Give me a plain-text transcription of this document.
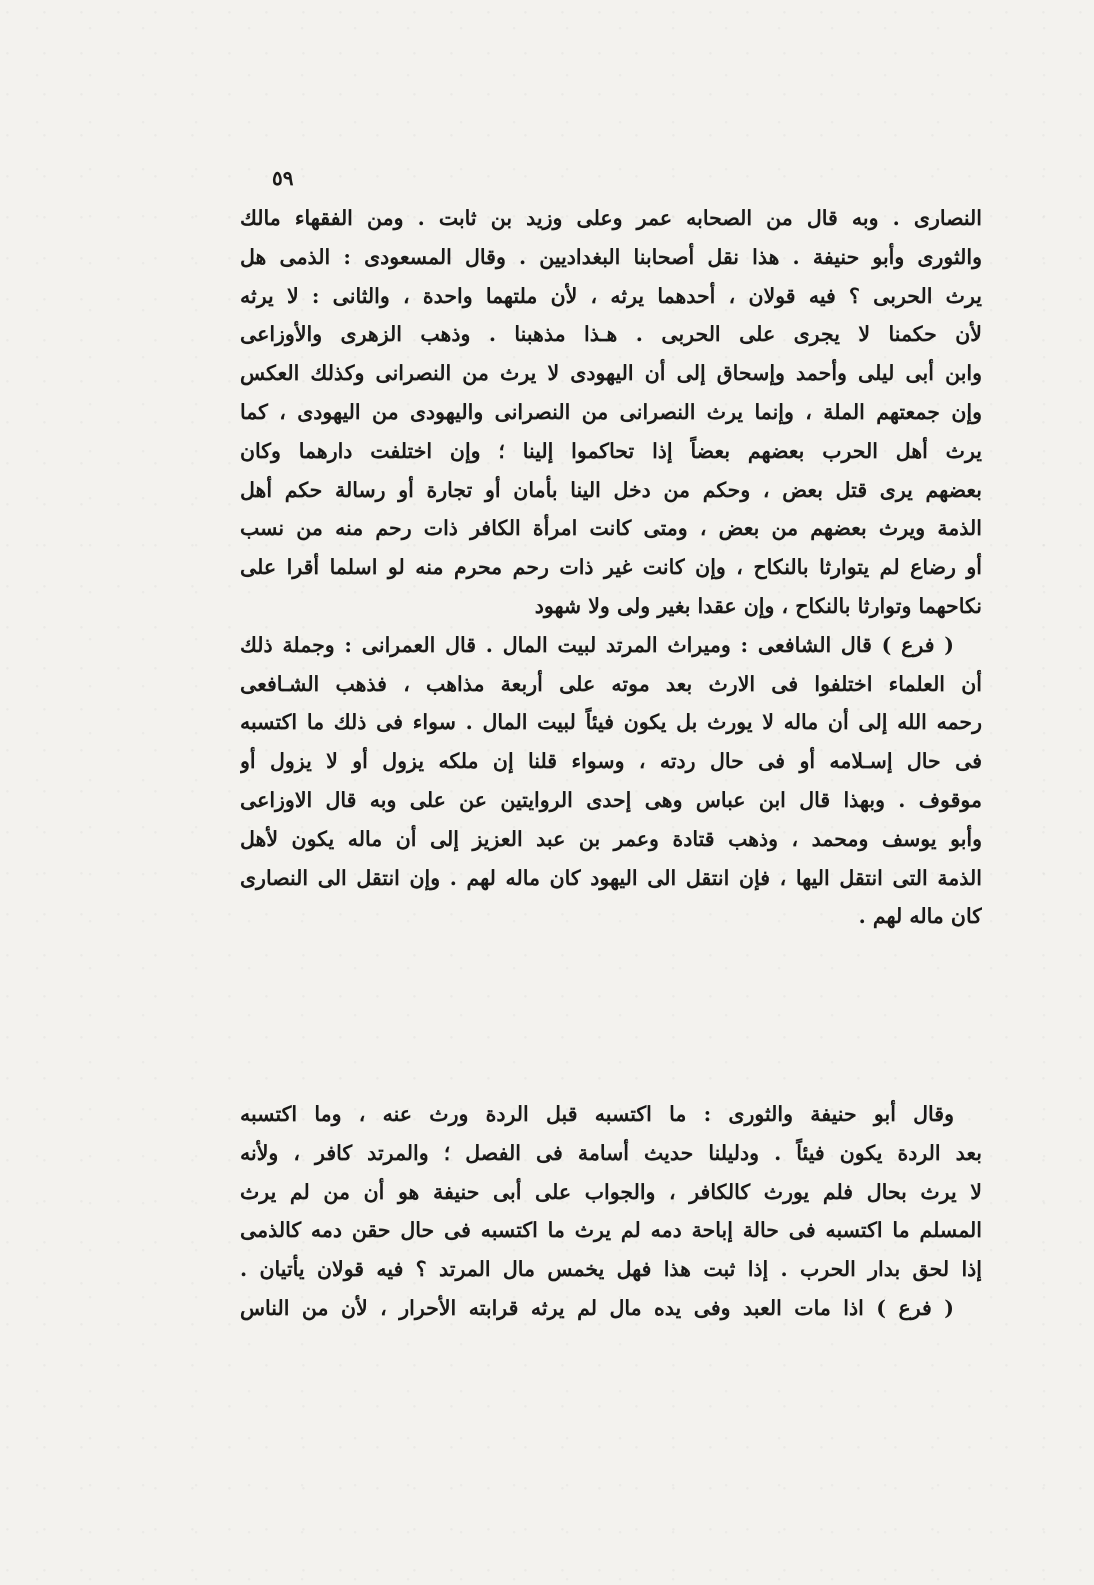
٥٩
النصارى . وبه قال من الصحابه عمر وعلى وزيد بن ثابت . ومن الفقهاء مالك
والثورى وأبو حنيفة . هذا نقل أصحابنا البغداديين . وقال المسعودى : الذمى هل
يرث الحربى ؟ فيه قولان ، أحدهما يرثه ، لأن ملتهما واحدة ، والثانى : لا يرثه
لأن حكمنا لا يجرى على الحربى . هـذا مذهبنا . وذهب الزهرى والأوزاعى
وابن أبى ليلى وأحمد وإسحاق إلى أن اليهودى لا يرث من النصرانى وكذلك العكس
وإن جمعتهم الملة ، وإنما يرث النصرانى من النصرانى واليهودى من اليهودى ، كما
يرث أهل الحرب بعضهم بعضاً إذا تحاكموا إلينا ؛ وإن اختلفت دارهما وكان
بعضهم يرى قتل بعض ، وحكم من دخل الينا بأمان أو تجارة أو رسالة حكم أهل
الذمة ويرث بعضهم من بعض ، ومتى كانت امرأة الكافر ذات رحم منه من نسب
أو رضاع لم يتوارثا بالنكاح ، وإن كانت غير ذات رحم محرم منه لو اسلما أقرا على
نكاحهما وتوارثا بالنكاح ، وإن عقدا بغير ولى ولا شهود
( فرع ) قال الشافعى : وميراث المرتد لبيت المال . قال العمرانى : وجملة ذلك
أن العلماء اختلفوا فى الارث بعد موته على أربعة مذاهب ، فذهب الشـافعى
رحمه الله إلى أن ماله لا يورث بل يكون فيئاً لبيت المال . سواء فى ذلك ما اكتسبه
فى حال إسـلامه أو فى حال ردته ، وسواء قلنا إن ملكه يزول أو لا يزول أو
موقوف . وبهذا قال ابن عباس وهى إحدى الروايتين عن على وبه قال الاوزاعى
وأبو يوسف ومحمد ، وذهب قتادة وعمر بن عبد العزيز إلى أن ماله يكون لأهل
الذمة التى انتقل اليها ، فإن انتقل الى اليهود كان ماله لهم . وإن انتقل الى النصارى
كان ماله لهم .
وقال أبو حنيفة والثورى : ما اكتسبه قبل الردة ورث عنه ، وما اكتسبه
بعد الردة يكون فيئاً . ودليلنا حديث أسامة فى الفصل ؛ والمرتد كافر ، ولأنه
لا يرث بحال فلم يورث كالكافر ، والجواب على أبى حنيفة هو أن من لم يرث
المسلم ما اكتسبه فى حالة إباحة دمه لم يرث ما اكتسبه فى حال حقن دمه كالذمى
إذا لحق بدار الحرب . إذا ثبت هذا فهل يخمس مال المرتد ؟ فيه قولان يأتيان .
( فرع ) اذا مات العبد وفى يده مال لم يرثه قرابته الأحرار ، لأن من الناس
